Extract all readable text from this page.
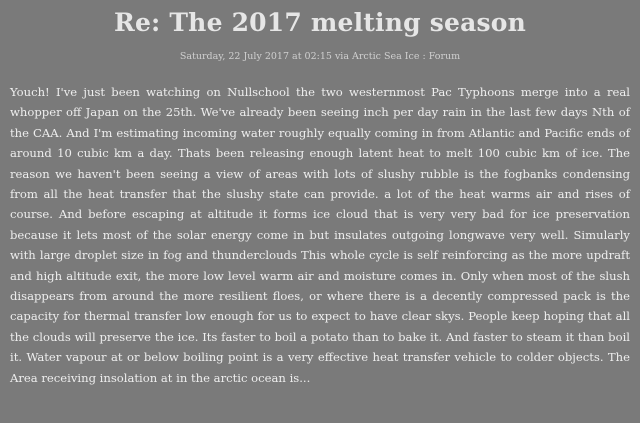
Re: The 2017 melting season
Saturday, 22 July 2017 at 02:15 via Arctic Sea Ice : Forum

Youch! I've just been watching on Nullschool the two westernmost Pac Typhoons merge into a real whopper off Japan on the 25th. We've already been seeing inch per day rain in the last few days Nth of the CAA. And I'm estimating incoming water roughly equally coming in from Atlantic and Pacific ends of around 10 cubic km a day. Thats been releasing enough latent heat to melt 100 cubic km of ice. The reason we haven't been seeing a view of areas with lots of slushy rubble is the fogbanks condensing from all the heat transfer that the slushy state can provide. a lot of the heat warms air and rises of course. And before escaping at altitude it forms ice cloud that is very very bad for ice preservation because it lets most of the solar energy come in but insulates outgoing longwave very well. Simularly with large droplet size in fog and thunderclouds This whole cycle is self reinforcing as the more updraft and high altitude exit, the more low level warm air and moisture comes in. Only when most of the slush disappears from around the more resilient floes, or where there is a decently compressed pack is the capacity for thermal transfer low enough for us to expect to have clear skys. People keep hoping that all the clouds will preserve the ice. Its faster to boil a potato than to bake it. And faster to steam it than boil it. Water vapour at or below boiling point is a very effective heat transfer vehicle to colder objects. The Area receiving insolation at in the arctic ocean is...
